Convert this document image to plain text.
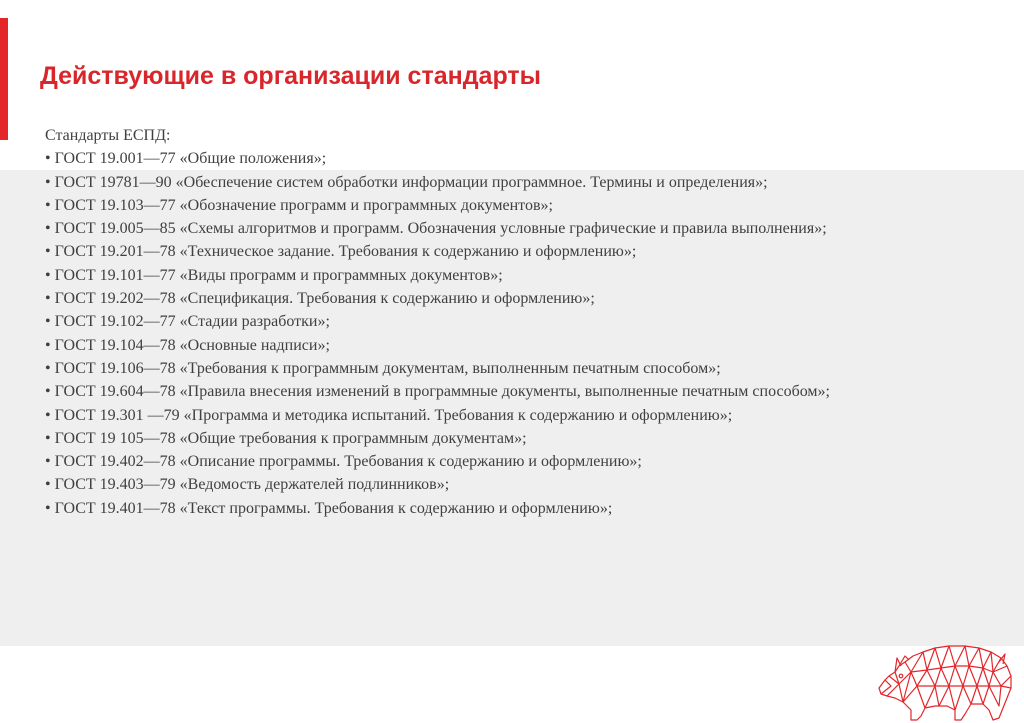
Действующие в организации стандарты

Стандарты ЕСПД:

• ГОСТ 19.001—77 «Общие положения»;
• ГОСТ 19781—90 «Обеспечение систем обработки информации программное. Термины и определения»;
• ГОСТ 19.103—77 «Обозначение программ и программных документов»;
• ГОСТ 19.005—85 «Схемы алгоритмов и программ. Обозначения условные графические и правила выполнения»;
• ГОСТ 19.201—78 «Техническое задание. Требования к содержанию и оформлению»;
• ГОСТ 19.101—77 «Виды программ и программных документов»;
• ГОСТ 19.202—78 «Спецификация. Требования к содержанию и оформлению»;
• ГОСТ 19.102—77 «Стадии разработки»;
• ГОСТ 19.104—78 «Основные надписи»;
• ГОСТ 19.106—78 «Требования к программным документам, выполненным печатным способом»;
• ГОСТ 19.604—78 «Правила внесения изменений в программные документы, выполненные печатным способом»;
• ГОСТ 19.301 —79 «Программа и методика испытаний. Требования к содержанию и оформлению»;
• ГОСТ 19 105—78 «Общие требования к программным документам»;
• ГОСТ 19.402—78 «Описание программы. Требования к содержанию и оформлению»;
• ГОСТ 19.403—79 «Ведомость держателей подлинников»;
• ГОСТ 19.401—78 «Текст программы. Требования к содержанию и оформлению»;
